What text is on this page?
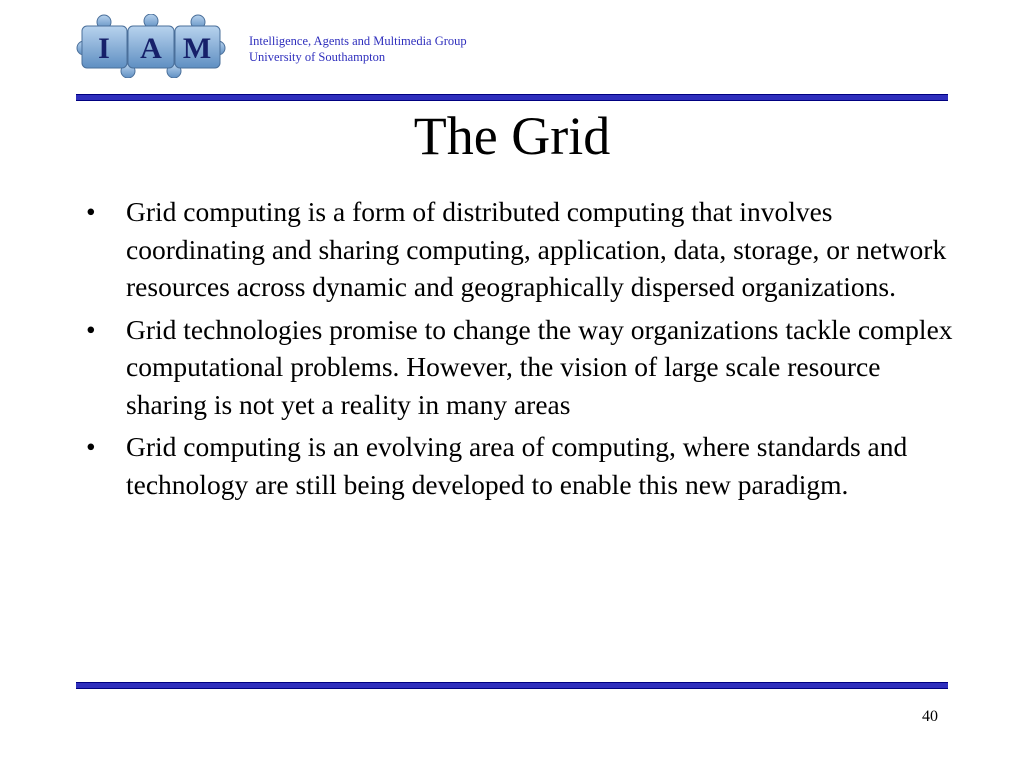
I A M	Intelligence, Agents and Multimedia Group
University of Southampton
The Grid
•	Grid computing is a form of distributed computing that involves coordinating and sharing computing, application, data, storage, or network resources across dynamic and geographically dispersed organizations.
•	Grid technologies promise to change the way organizations tackle complex computational problems. However, the vision of large scale resource sharing is not yet a reality in many areas
•	Grid computing is an evolving area of computing, where standards and technology are still being developed to enable this new paradigm.
40
